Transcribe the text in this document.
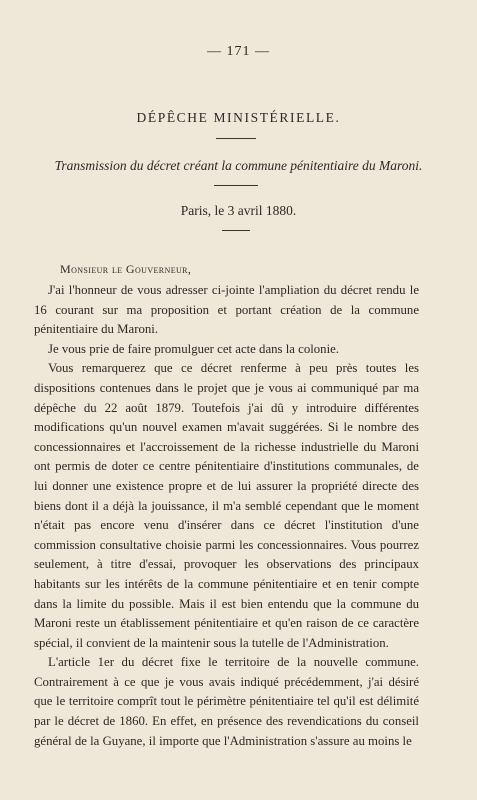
— 171 —
DÉPÊCHE MINISTÉRIELLE.
Transmission du décret créant la commune pénitentiaire du Maroni.
Paris, le 3 avril 1880.
Monsieur le Gouverneur,

J'ai l'honneur de vous adresser ci-jointe l'ampliation du décret rendu le 16 courant sur ma proposition et portant création de la commune pénitentiaire du Maroni.

Je vous prie de faire promulguer cet acte dans la colonie.

Vous remarquerez que ce décret renferme à peu près toutes les dispositions contenues dans le projet que je vous ai communiqué par ma dépêche du 22 août 1879. Toutefois j'ai dû y introduire différentes modifications qu'un nouvel examen m'avait suggérées. Si le nombre des concessionnaires et l'accroissement de la richesse industrielle du Maroni ont permis de doter ce centre pénitentiaire d'institutions communales, de lui donner une existence propre et de lui assurer la propriété directe des biens dont il a déjà la jouissance, il m'a semblé cependant que le moment n'était pas encore venu d'insérer dans ce décret l'institution d'une commission consultative choisie parmi les concessionnaires. Vous pourrez seulement, à titre d'essai, provoquer les observations des principaux habitants sur les intérêts de la commune pénitentiaire et en tenir compte dans la limite du possible. Mais il est bien entendu que la commune du Maroni reste un établissement pénitentiaire et qu'en raison de ce caractère spécial, il convient de la maintenir sous la tutelle de l'Administration.

L'article 1er du décret fixe le territoire de la nouvelle commune. Contrairement à ce que je vous avais indiqué précédemment, j'ai désiré que le territoire comprît tout le périmètre pénitentiaire tel qu'il est délimité par le décret de 1860. En effet, en présence des revendications du conseil général de la Guyane, il importe que l'Administration s'assure au moins le
